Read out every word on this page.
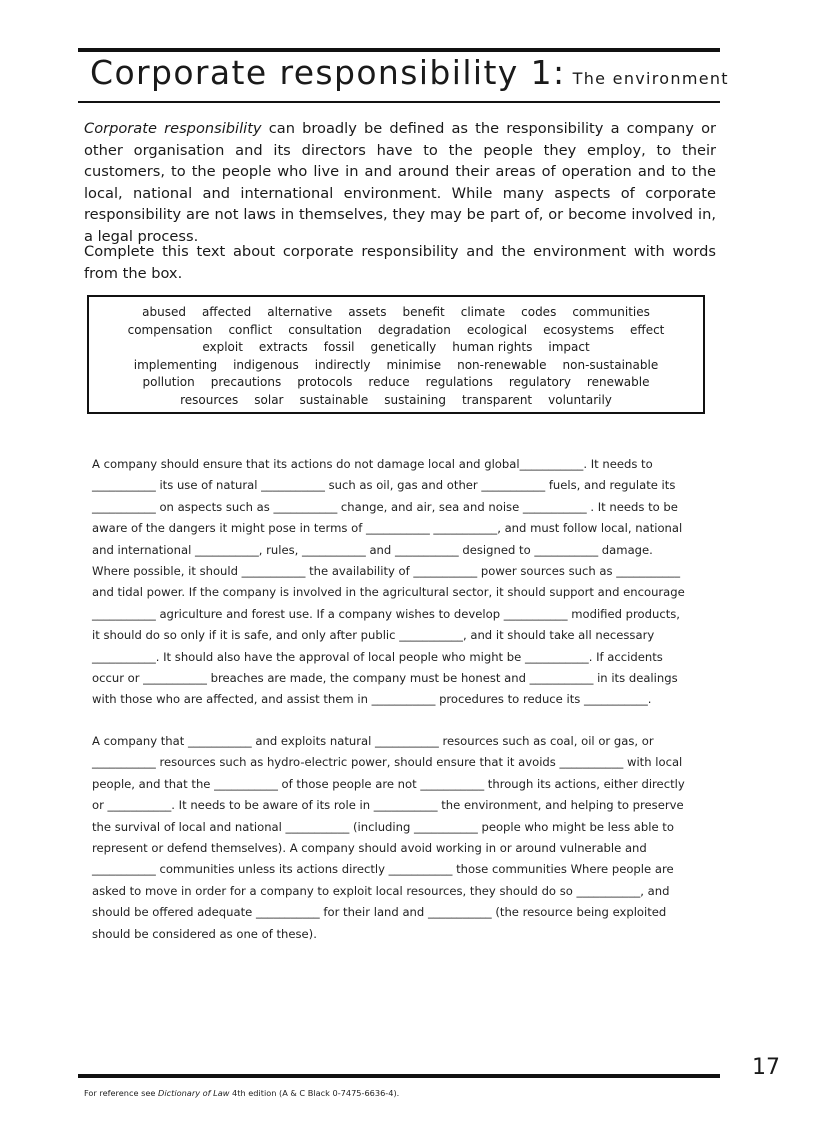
Corporate responsibility 1: The environment
Corporate responsibility can broadly be defined as the responsibility a company or other organisation and its directors have to the people they employ, to their customers, to the people who live in and around their areas of operation and to the local, national and international environment. While many aspects of corporate responsibility are not laws in themselves, they may be part of, or become involved in, a legal process.
Complete this text about corporate responsibility and the environment with words from the box.
abused affected alternative assets benefit climate codes communities
compensation conflict consultation degradation ecological ecosystems effect
exploit extracts fossil genetically human rights impact
implementing indigenous indirectly minimise non-renewable non-sustainable
pollution precautions protocols reduce regulations regulatory renewable
resources solar sustainable sustaining transparent voluntarily
A company should ensure that its actions do not damage local and global___________. It needs to
___________ its use of natural ___________ such as oil, gas and other ___________ fuels, and regulate its
___________ on aspects such as ___________ change, and air, sea and noise ___________ . It needs to be
aware of the dangers it might pose in terms of ___________ ___________, and must follow local, national
and international ___________, rules, ___________ and ___________ designed to ___________ damage.
Where possible, it should ___________ the availability of ___________ power sources such as ___________
and tidal power. If the company is involved in the agricultural sector, it should support and encourage
___________ agriculture and forest use. If a company wishes to develop ___________ modified products,
it should do so only if it is safe, and only after public ___________, and it should take all necessary
___________. It should also have the approval of local people who might be ___________. If accidents
occur or ___________ breaches are made, the company must be honest and ___________ in its dealings
with those who are affected, and assist them in ___________ procedures to reduce its ___________.
A company that ___________ and exploits natural ___________ resources such as coal, oil or gas, or
___________ resources such as hydro-electric power, should ensure that it avoids ___________ with local
people, and that the ___________ of those people are not ___________ through its actions, either directly
or ___________. It needs to be aware of its role in ___________ the environment, and helping to preserve
the survival of local and national ___________ (including ___________ people who might be less able to
represent or defend themselves). A company should avoid working in or around vulnerable and
___________ communities unless its actions directly ___________ those communities Where people are
asked to move in order for a company to exploit local resources, they should do so ___________, and
should be offered adequate ___________ for their land and ___________ (the resource being exploited
should be considered as one of these).
17
For reference see Dictionary of Law 4th edition (A & C Black 0-7475-6636-4).
